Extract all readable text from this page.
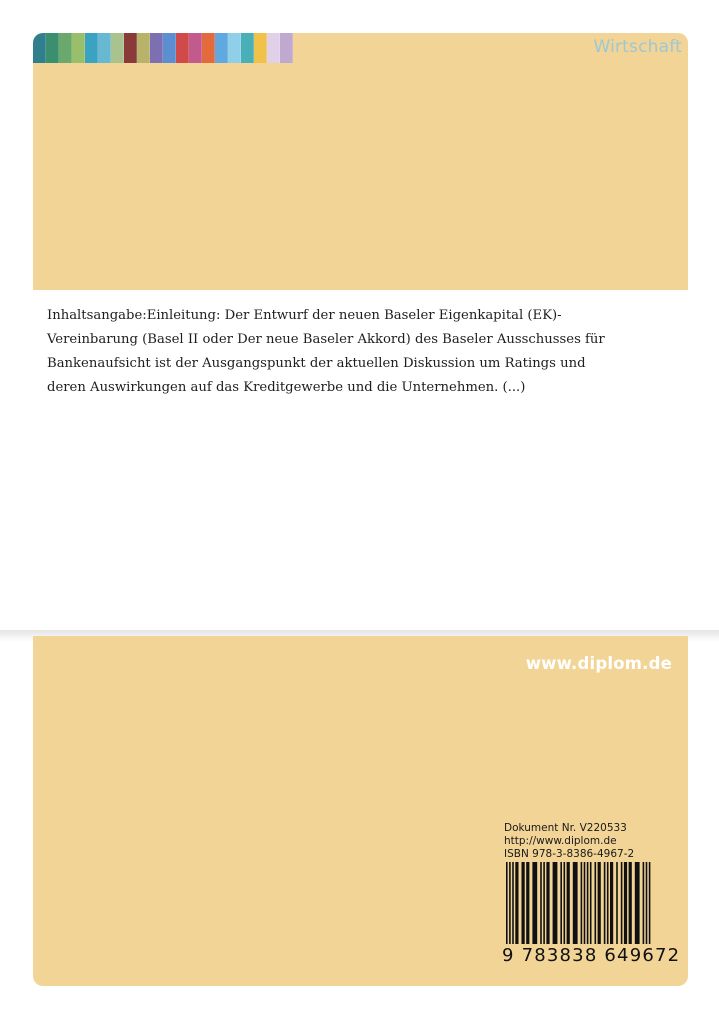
Wirtschaft

Inhaltsangabe:Einleitung: Der Entwurf der neuen Baseler Eigenkapital (EK)-Vereinbarung (Basel II oder Der neue Baseler Akkord) des Baseler Ausschusses für Bankenaufsicht ist der Ausgangspunkt der aktuellen Diskussion um Ratings und deren Auswirkungen auf das Kreditgewerbe und die Unternehmen. (...)

www.diplom.de
Dokument Nr. V220533
http://www.diplom.de
ISBN 978-3-8386-4967-2
9 783838 649672
